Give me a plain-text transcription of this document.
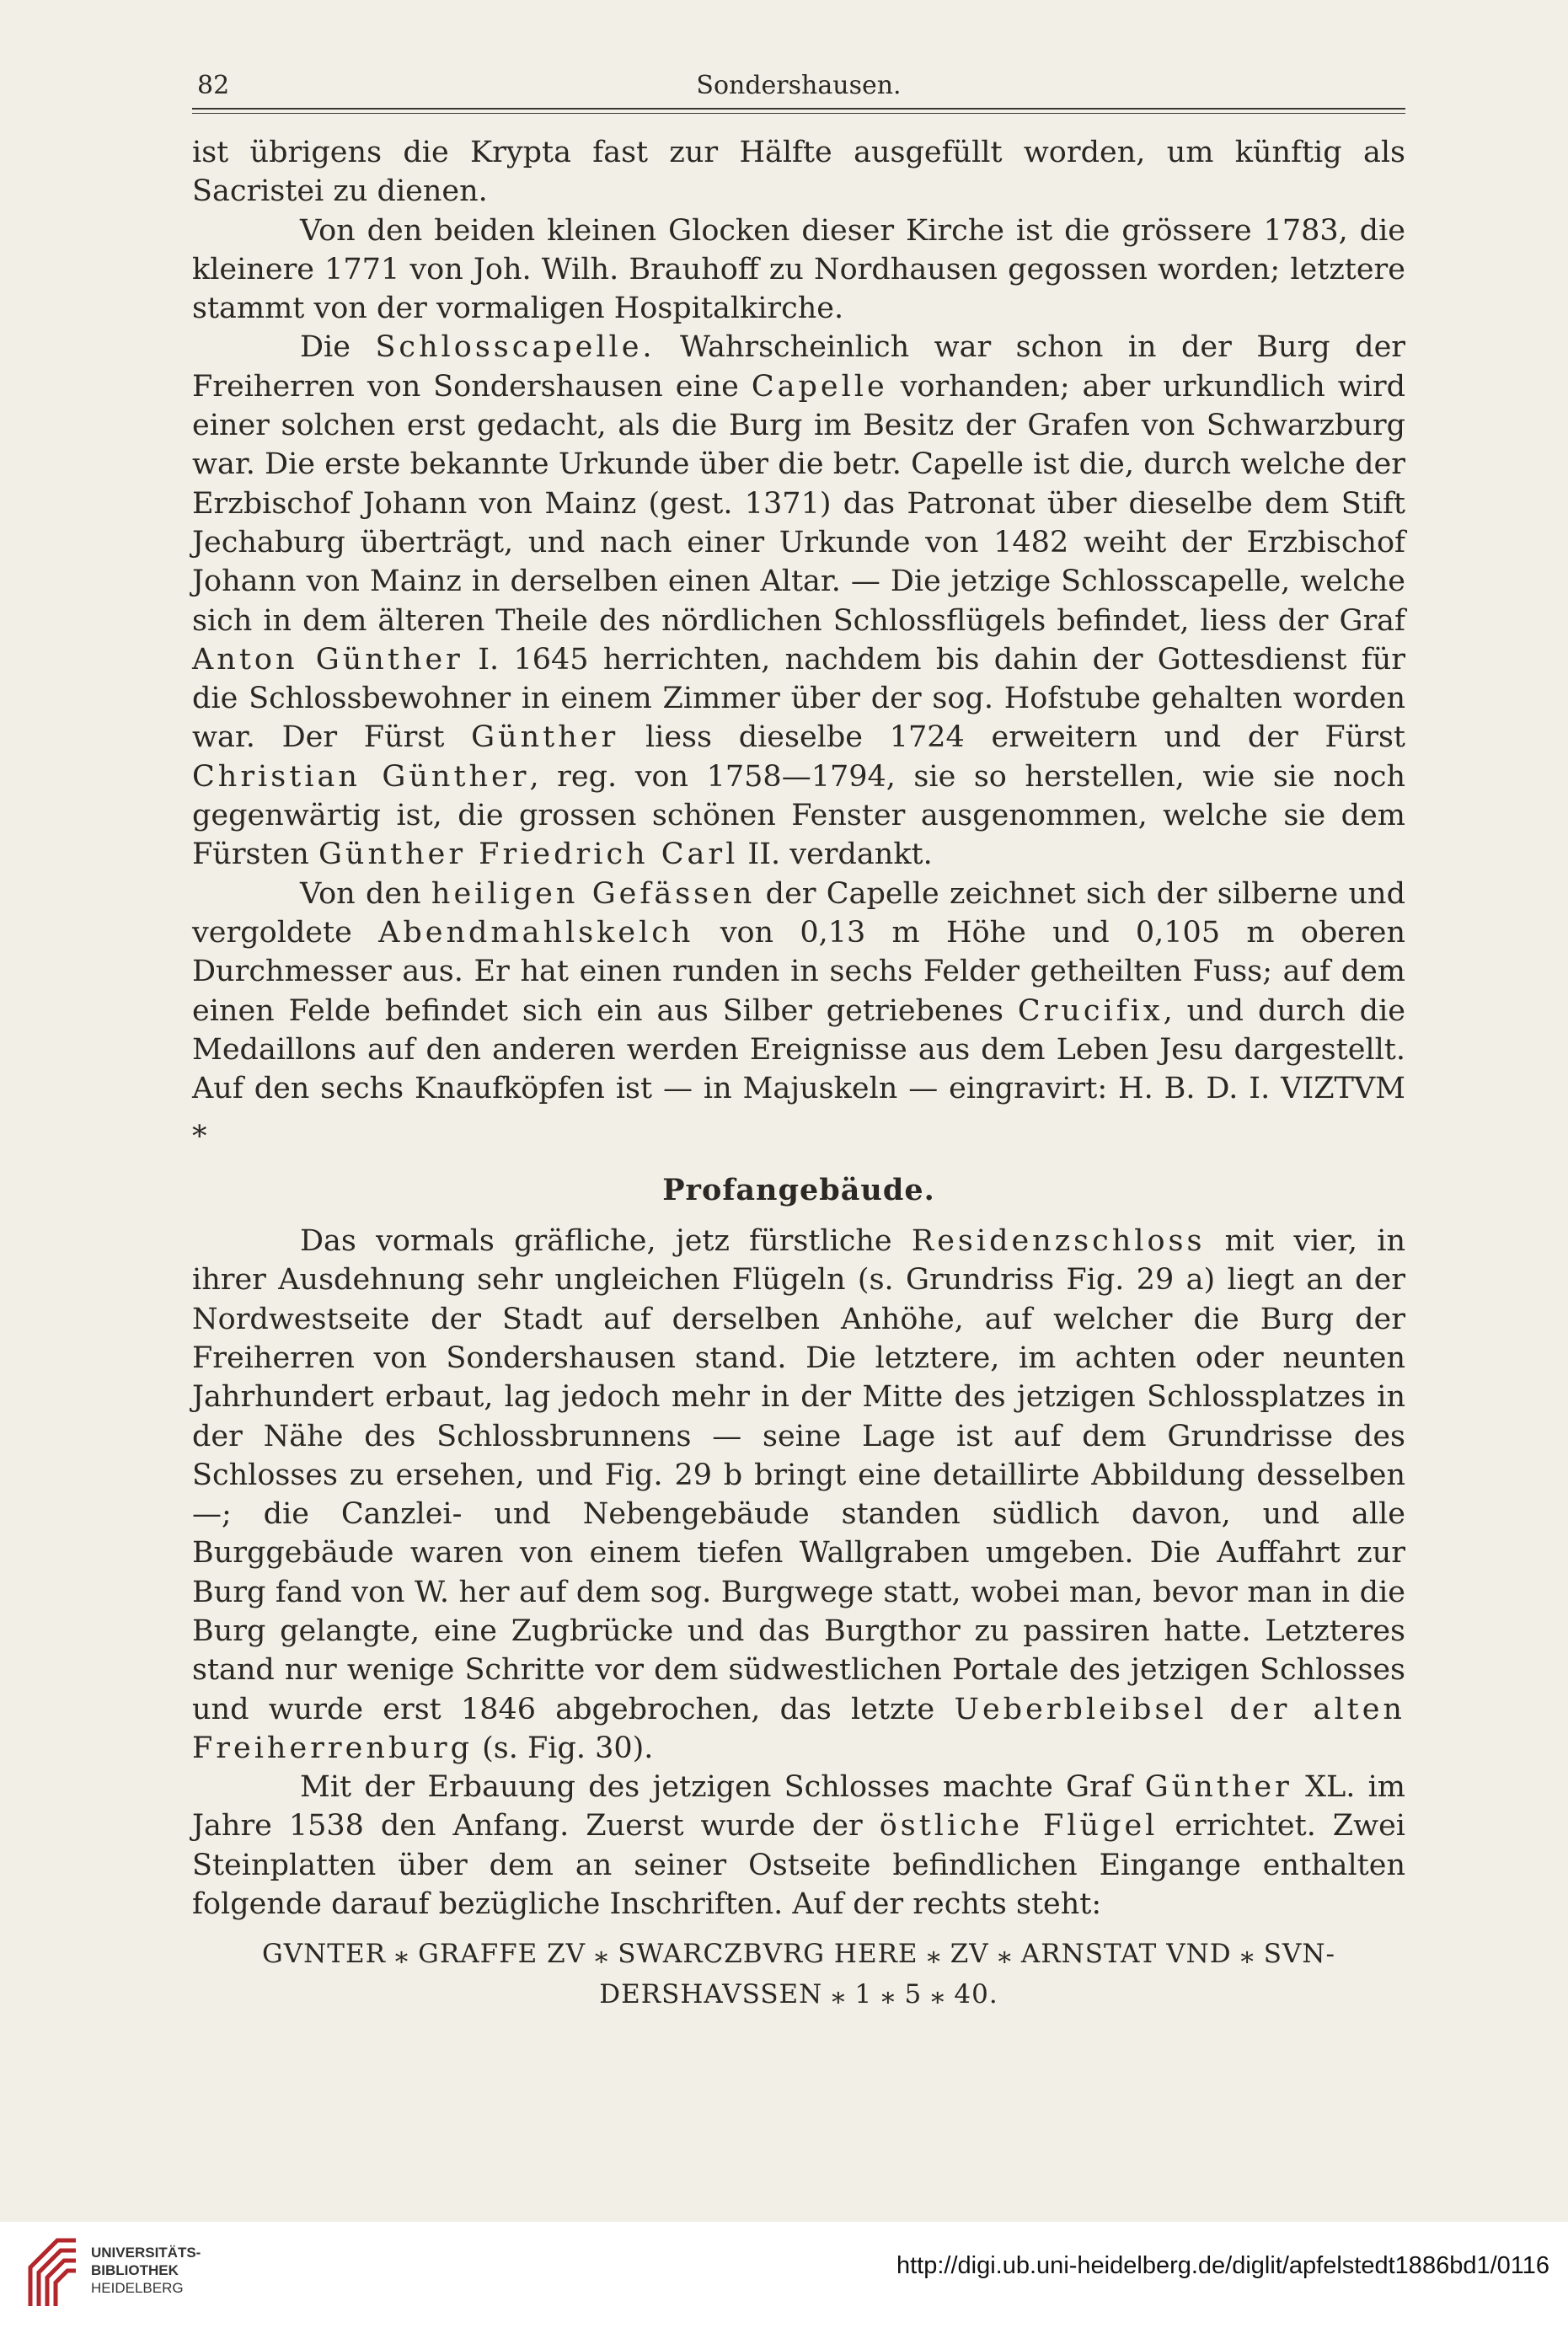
82	Sondershausen.

ist übrigens die Krypta fast zur Hälfte ausgefüllt worden, um künftig als Sacristei zu dienen.

Von den beiden kleinen Glocken dieser Kirche ist die grössere 1783, die kleinere 1771 von Joh. Wilh. Brauhoff zu Nordhausen gegossen worden; letztere stammt von der vormaligen Hospitalkirche.

Die Schlosscapelle. Wahrscheinlich war schon in der Burg der Freiherren von Sondershausen eine Capelle vorhanden; aber urkundlich wird einer solchen erst gedacht, als die Burg im Besitz der Grafen von Schwarzburg war. Die erste bekannte Urkunde über die betr. Capelle ist die, durch welche der Erzbischof Johann von Mainz (gest. 1371) das Patronat über dieselbe dem Stift Jechaburg überträgt, und nach einer Urkunde von 1482 weiht der Erzbischof Johann von Mainz in derselben einen Altar. — Die jetzige Schlosscapelle, welche sich in dem älteren Theile des nördlichen Schlossflügels befindet, liess der Graf Anton Günther I. 1645 herrichten, nachdem bis dahin der Gottesdienst für die Schlossbewohner in einem Zimmer über der sog. Hofstube gehalten worden war. Der Fürst Günther liess dieselbe 1724 erweitern und der Fürst Christian Günther, reg. von 1758—1794, sie so herstellen, wie sie noch gegenwärtig ist, die grossen schönen Fenster ausgenommen, welche sie dem Fürsten Günther Friedrich Carl II. verdankt.

Von den heiligen Gefässen der Capelle zeichnet sich der silberne und vergoldete Abendmahlskelch von 0,13 m Höhe und 0,105 m oberen Durchmesser aus. Er hat einen runden in sechs Felder getheilten Fuss; auf dem einen Felde befindet sich ein aus Silber getriebenes Crucifix, und durch die Medaillons auf den anderen werden Ereignisse aus dem Leben Jesu dargestellt. Auf den sechs Knaufköpfen ist — in Majuskeln — eingravirt: H. B. D. I. VIZTVM ⁎

Profangebäude.

Das vormals gräfliche, jetz fürstliche Residenzschloss mit vier, in ihrer Ausdehnung sehr ungleichen Flügeln (s. Grundriss Fig. 29 a) liegt an der Nordwestseite der Stadt auf derselben Anhöhe, auf welcher die Burg der Freiherren von Sondershausen stand. Die letztere, im achten oder neunten Jahrhundert erbaut, lag jedoch mehr in der Mitte des jetzigen Schlossplatzes in der Nähe des Schlossbrunnens — seine Lage ist auf dem Grundrisse des Schlosses zu ersehen, und Fig. 29 b bringt eine detaillirte Abbildung desselben —; die Canzlei- und Nebengebäude standen südlich davon, und alle Burggebäude waren von einem tiefen Wallgraben umgeben. Die Auffahrt zur Burg fand von W. her auf dem sog. Burgwege statt, wobei man, bevor man in die Burg gelangte, eine Zugbrücke und das Burgthor zu passiren hatte. Letzteres stand nur wenige Schritte vor dem südwestlichen Portale des jetzigen Schlosses und wurde erst 1846 abgebrochen, das letzte Ueberbleibsel der alten Freiherrenburg (s. Fig. 30).

Mit der Erbauung des jetzigen Schlosses machte Graf Günther XL. im Jahre 1538 den Anfang. Zuerst wurde der östliche Flügel errichtet. Zwei Steinplatten über dem an seiner Ostseite befindlichen Eingange enthalten folgende darauf bezügliche Inschriften. Auf der rechts steht:

GVNTER ⁎ GRAFFE ZV ⁎ SWARCZBVRG HERE ⁎ ZV ⁎ ARNSTAT VND ⁎ SVN-
DERSHAVSSEN ⁎ 1 ⁎ 5 ⁎ 40.
UNIVERSITÄTS-
BIBLIOTHEK
HEIDELBERG
http://digi.ub.uni-heidelberg.de/diglit/apfelstedt1886bd1/0116
